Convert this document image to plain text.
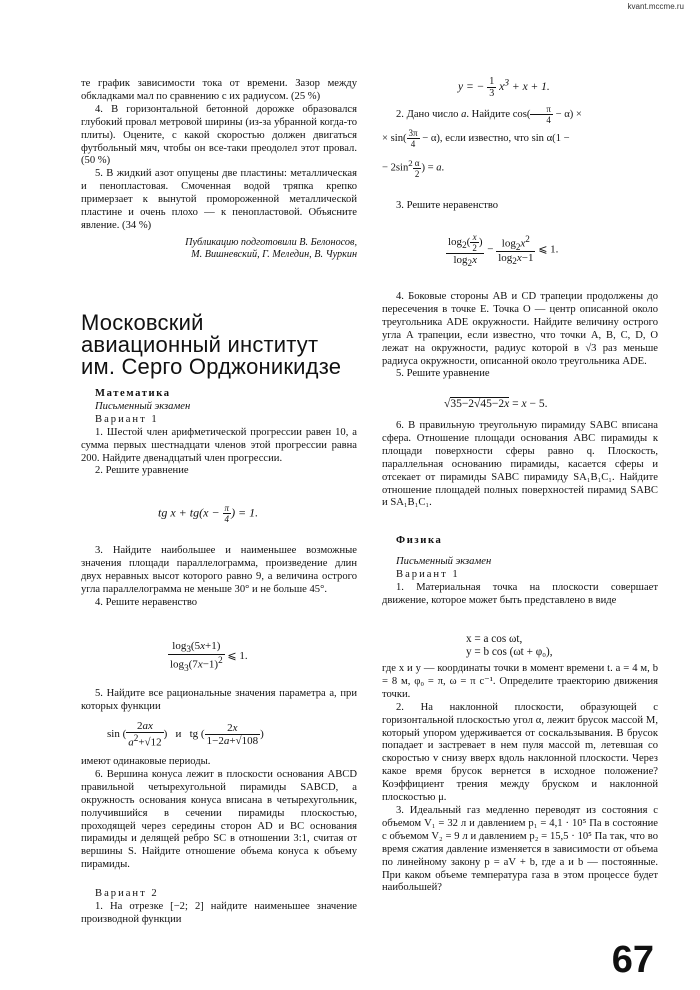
kvant.mccme.ru

те график зависимости тока от времени. Зазор между обкладками мал по сравнению с их радиусом. (25 %)

4. В горизонтальной бетонной дорожке образовался глубокий провал метровой ширины (из-за убранной когда-то плиты). Оцените, с какой скоростью должен двигаться футбольный мяч, чтобы он все-таки преодолел этот провал. (50 %)

5. В жидкий азот опущены две пластины: металлическая и пенопластовая. Смоченная водой тряпка крепко примерзает к вынутой промороженной металлической пластине и очень плохо — к пенопластовой. Объясните явление. (34 %)

Публикацию подготовили В. Белоносов,

М. Вишневский, Г. Меледин, В. Чуркин

Московский
авиационный институт
им. Серго Орджоникидзе

Математика

Письменный экзамен

Вариант 1

1. Шестой член арифметической прогрессии равен 10, а сумма первых шестнадцати членов этой прогрессии равна 200. Найдите двенадцатый член прогрессии.

2. Решите уравнение

tg $x + tg(x - \frac{\pi}{4}$ ) = 1.

3. Найдите наибольшее и наименьшее возможные значения площади параллелограмма, произведение длин двух неравных высот которого равно 9, а величина острого угла параллелограмма не меньше 30° и не больше 45°.

4. Решите неравенство

$\frac{\log_3(5x+1)}{\log_3(7x-1)^2}$ ⩽ 1.

5. Найдите все рациональные значения параметра a, при которых функции

sin ( $\frac{2ax}{a^2+√12}$ )   и   tg ( $\frac{2x}{1-2a+√108}$ )

имеют одинаковые периоды.

6. Вершина конуса лежит в плоскости основания ABCD правильной четырехугольной пирамиды SABCD, а окружность основания конуса вписана в четырехугольник, получившийся в сечении пирамиды плоскостью, проходящей через середины сторон AD и BC основания пирамиды и делящей ребро SC в отношении 3:1, считая от вершины S. Найдите отношение объема конуса к объему пирамиды.

Вариант 2

1. На отрезке [−2; 2] найдите наименьшее значение производной функции

y = − $\frac{1}{3} x^3 + x + 1$.

2. Дано число a. Найдите $\cos( \frac{\pi}{4} - \alpha)$ ×

× $\sin( \frac{3\pi}{4} - \alpha)$, если известно, что sin α(1 −

− $2\sin^2 \frac{\alpha}{2}$ ) = a.

3. Решите неравенство

$\frac{\log_2( \frac{x}{2} )}{\log_2x} - \frac{\log_2x^2}{\log_2x-1}$ ⩽ 1.

4. Боковые стороны AB и CD трапеции продолжены до пересечения в точке E. Точка O — центр описанной около треугольника ADE окружности. Найдите величину острого угла A трапеции, если известно, что точки A, B, C, D, O лежат на окружности, радиус которой в √3 раз меньше радиуса окружности, описанной около треугольника ADE.

5. Решите уравнение

√35−2√45−2x = x − 5.

6. В правильную треугольную пирамиду SABC вписана сфера. Отношение площади основания ABC пирамиды к площади поверхности сферы равно q. Плоскость, параллельная основанию пирамиды, касается сферы и отсекает от пирамиды SABC пирамиду SA₁B₁C₁. Найдите отношение площадей полных поверхностей пирамид SABC и SA₁B₁C₁.

Физика

Письменный экзамен

Вариант 1

1. Материальная точка на плоскости совершает движение, которое может быть представлено в виде

x = a cos ωt,
y = b cos (ωt + φ₀),

где x и y — координаты точки в момент времени t. a = 4 м, b = 8 м, φ₀ = π, ω = π с⁻¹. Определите траекторию движения точки.

2. На наклонной плоскости, образующей с горизонтальной плоскостью угол α, лежит брусок массой M, который упором удерживается от соскальзывания. В брусок попадает и застревает в нем пуля массой m, летевшая со скоростью v снизу вверх вдоль наклонной плоскости. Через какое время брусок вернется в исходное положение? Коэффициент трения между бруском и наклонной плоскостью μ.

3. Идеальный газ медленно переводят из состояния с объемом V₁ = 32 л и давлением p₁ = 4,1 · 10⁵ Па в состояние с объемом V₂ = 9 л и давлением p₂ = 15,5 · 10⁵ Па так, что во время сжатия давление изменяется в зависимости от объема по линейному закону p = aV + b, где a и b — постоянные. При каком объеме температура газа в этом процессе будет наибольшей?

67
